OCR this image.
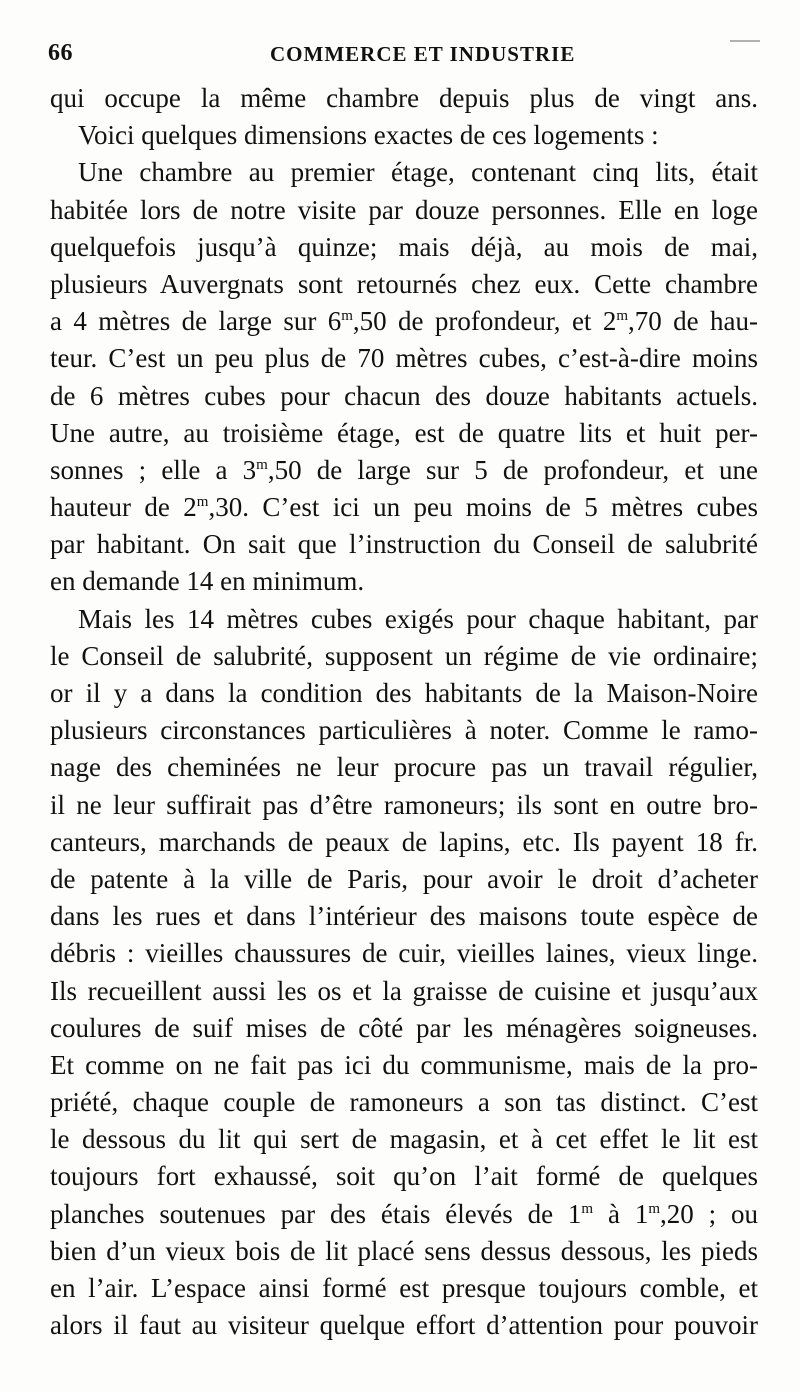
66	COMMERCE ET INDUSTRIE
qui occupe la même chambre depuis plus de vingt ans.
Voici quelques dimensions exactes de ces logements :
Une chambre au premier étage, contenant cinq lits, était
habitée lors de notre visite par douze personnes. Elle en loge
quelquefois jusqu’à quinze; mais déjà, au mois de mai,
plusieurs Auvergnats sont retournés chez eux. Cette chambre
a 4 mètres de large sur 6$^m$,50 de profondeur, et 2$^m$,70 de hau-
teur. C’est un peu plus de 70 mètres cubes, c’est-à-dire moins
de 6 mètres cubes pour chacun des douze habitants actuels.
Une autre, au troisième étage, est de quatre lits et huit per-
sonnes ; elle a 3$^m$,50 de large sur 5 de profondeur, et une
hauteur de 2$^m$,30. C’est ici un peu moins de 5 mètres cubes
par habitant. On sait que l’instruction du Conseil de salubrité
en demande 14 en minimum.
Mais les 14 mètres cubes exigés pour chaque habitant, par
le Conseil de salubrité, supposent un régime de vie ordinaire;
or il y a dans la condition des habitants de la Maison-Noire
plusieurs circonstances particulières à noter. Comme le ramo-
nage des cheminées ne leur procure pas un travail régulier,
il ne leur suffirait pas d’être ramoneurs; ils sont en outre bro-
canteurs, marchands de peaux de lapins, etc. Ils payent 18 fr.
de patente à la ville de Paris, pour avoir le droit d’acheter
dans les rues et dans l’intérieur des maisons toute espèce de
débris : vieilles chaussures de cuir, vieilles laines, vieux linge.
Ils recueillent aussi les os et la graisse de cuisine et jusqu’aux
coulures de suif mises de côté par les ménagères soigneuses.
Et comme on ne fait pas ici du communisme, mais de la pro-
priété, chaque couple de ramoneurs a son tas distinct. C’est
le dessous du lit qui sert de magasin, et à cet effet le lit est
toujours fort exhaussé, soit qu’on l’ait formé de quelques
planches soutenues par des étais élevés de 1$^m$ à 1$^m$,20 ; ou
bien d’un vieux bois de lit placé sens dessus dessous, les pieds
en l’air. L’espace ainsi formé est presque toujours comble, et
alors il faut au visiteur quelque effort d’attention pour pouvoir
